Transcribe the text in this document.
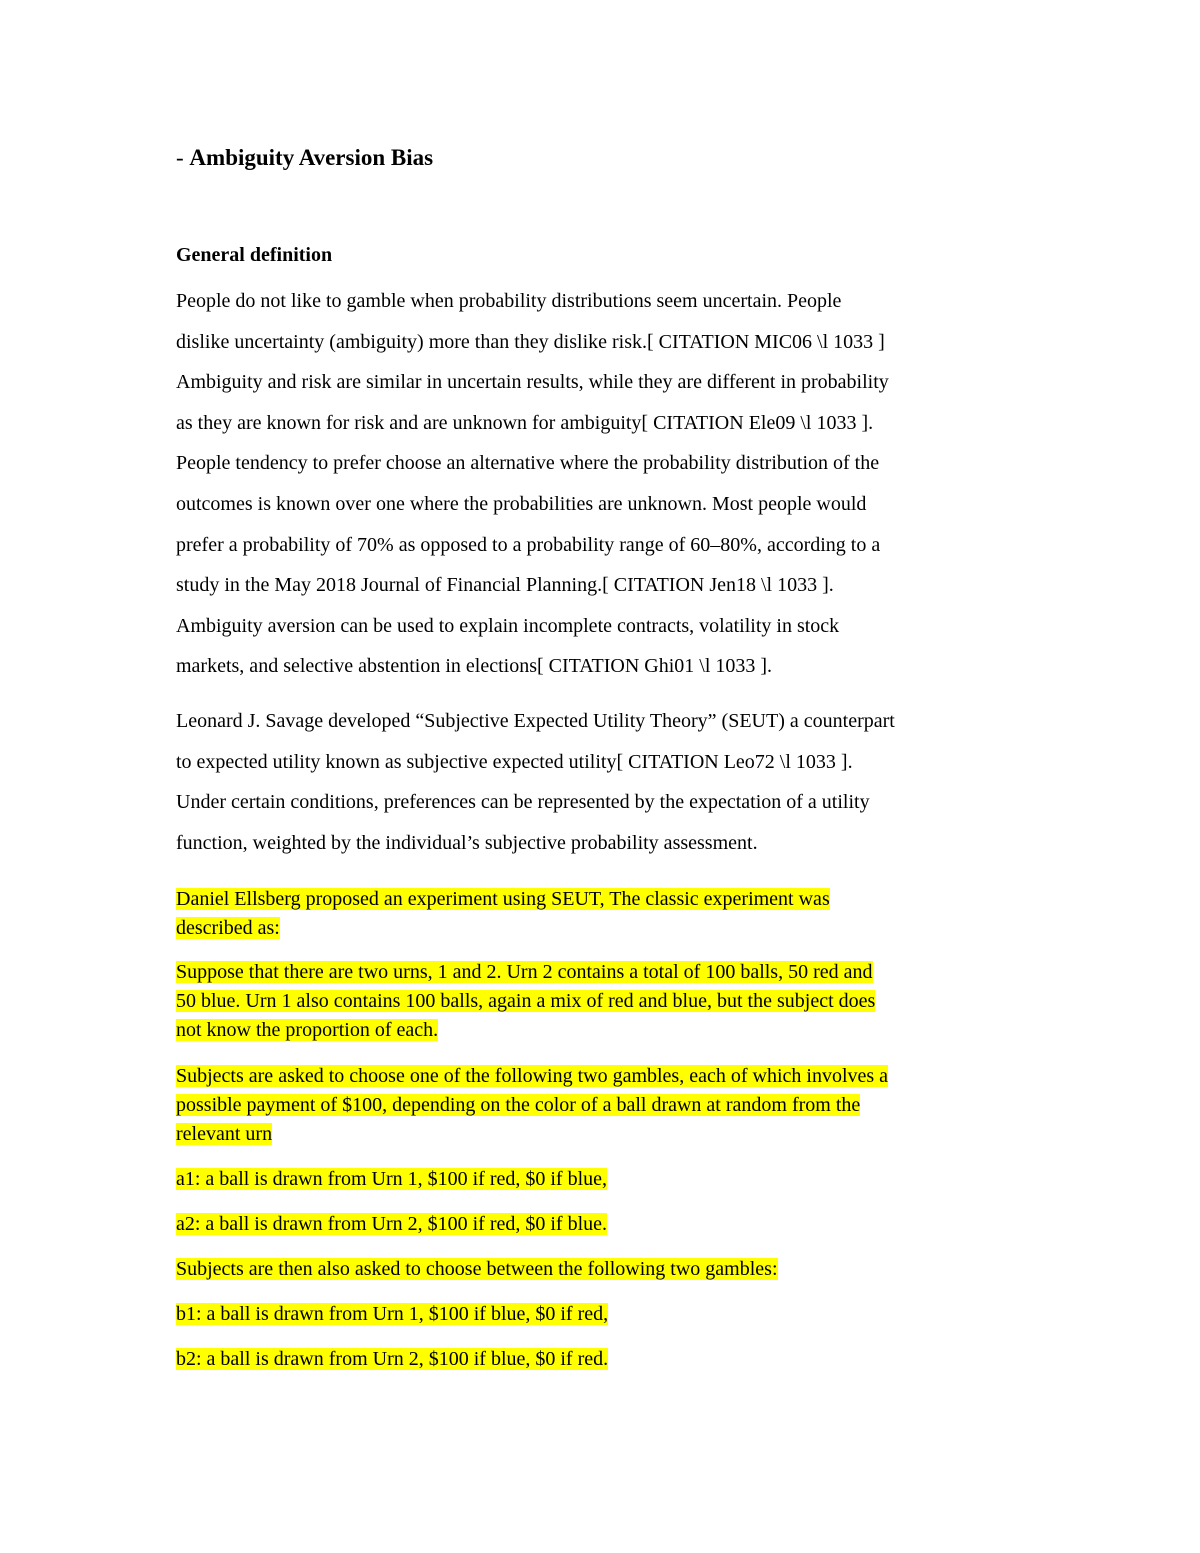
- Ambiguity Aversion Bias
General definition
People do not like to gamble when probability distributions seem uncertain. People
dislike uncertainty (ambiguity) more than they dislike risk.[ CITATION MIC06 \l 1033 ]
Ambiguity and risk are similar in uncertain results, while they are different in probability
as they are known for risk and are unknown for ambiguity[ CITATION Ele09 \l 1033 ].
People tendency to prefer choose an alternative where the probability distribution of the
outcomes is known over one where the probabilities are unknown. Most people would
prefer a probability of 70% as opposed to a probability range of 60–80%, according to a
study in the May 2018 Journal of Financial Planning.[ CITATION Jen18 \l 1033 ].
Ambiguity aversion can be used to explain incomplete contracts, volatility in stock
markets, and selective abstention in elections[ CITATION Ghi01 \l 1033 ].
Leonard J. Savage developed “Subjective Expected Utility Theory” (SEUT) a counterpart
to expected utility known as subjective expected utility[ CITATION Leo72 \l 1033 ].
Under certain conditions, preferences can be represented by the expectation of a utility
function, weighted by the individual’s subjective probability assessment.
Daniel Ellsberg proposed an experiment using SEUT, The classic experiment was
described as:
Suppose that there are two urns, 1 and 2. Urn 2 contains a total of 100 balls, 50 red and
50 blue. Urn 1 also contains 100 balls, again a mix of red and blue, but the subject does
not know the proportion of each.
Subjects are asked to choose one of the following two gambles, each of which involves a
possible payment of $100, depending on the color of a ball drawn at random from the
relevant urn
a1: a ball is drawn from Urn 1, $100 if red, $0 if blue,
a2: a ball is drawn from Urn 2, $100 if red, $0 if blue.
Subjects are then also asked to choose between the following two gambles:
b1: a ball is drawn from Urn 1, $100 if blue, $0 if red,
b2: a ball is drawn from Urn 2, $100 if blue, $0 if red.
